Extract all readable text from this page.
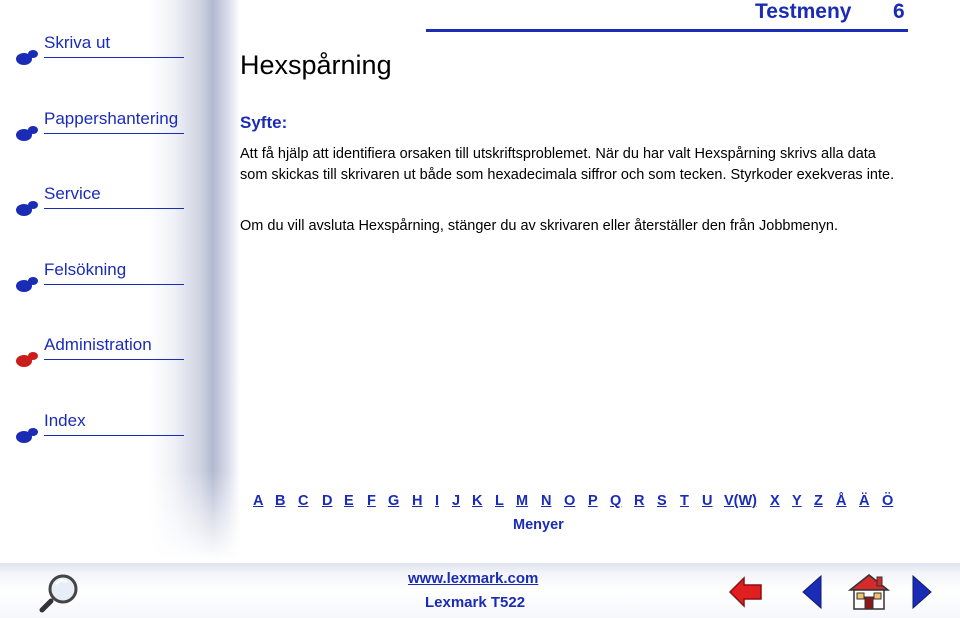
Skriva ut
Pappershantering
Service
Felsökning
Administration
Index
Testmeny 6
Hexspårning
Syfte:
Att få hjälp att identifiera orsaken till utskriftsproblemet. När du har valt Hexspårning skrivs alla data som skickas till skrivaren ut både som hexadecimala siffror och som tecken. Styrkoder exekveras inte.
Om du vill avsluta Hexspårning, stänger du av skrivaren eller återställer den från Jobbmenyn.
A B C D E F G H I J K L M N O P Q R S T U V(W) X Y Z Å Ä Ö
Menyer
www.lexmark.com
Lexmark T522
